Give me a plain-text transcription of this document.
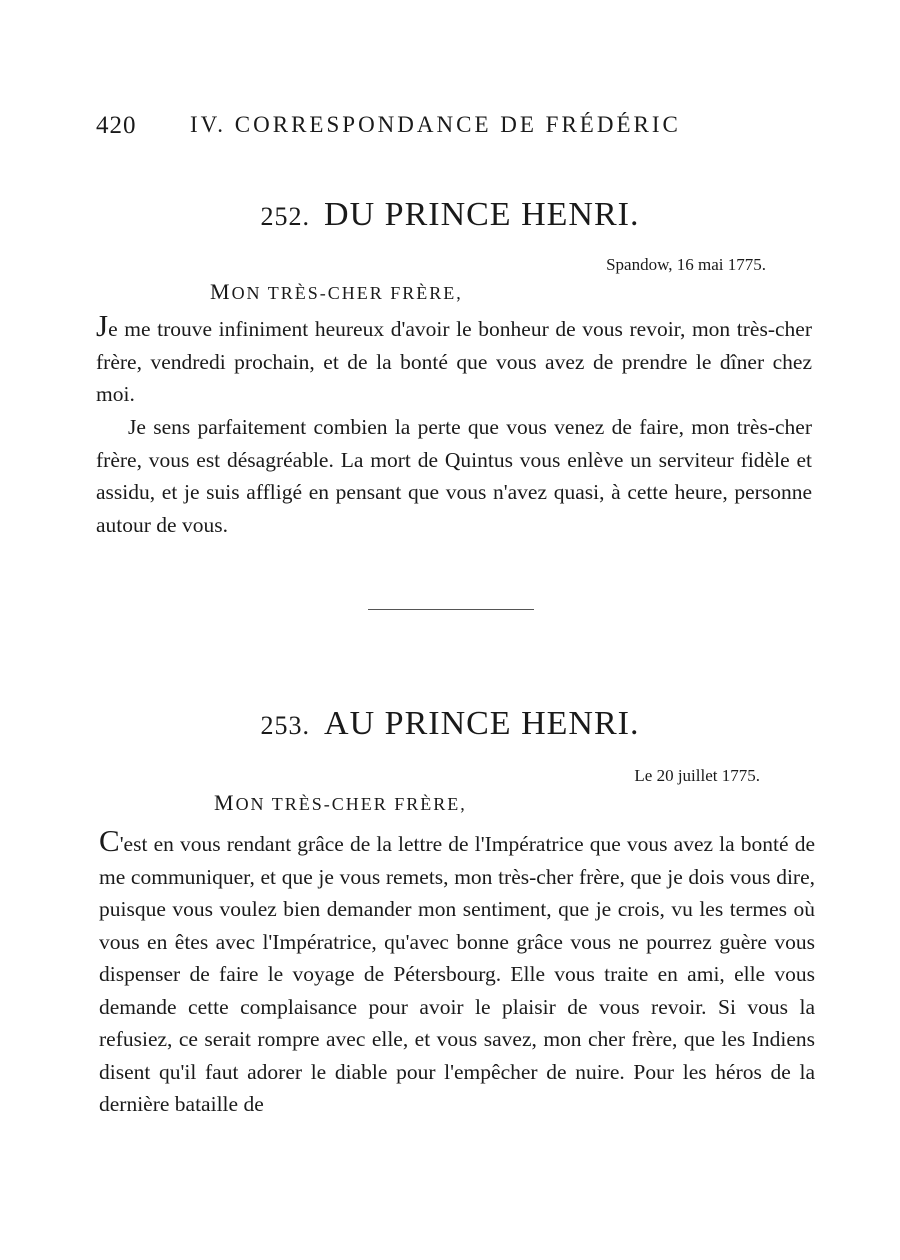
420 IV. CORRESPONDANCE DE FRÉDÉRIC
252. DU PRINCE HENRI.
Spandow, 16 mai 1775.
MON TRÈS-CHER FRÈRE,

Je me trouve infiniment heureux d'avoir le bonheur de vous revoir, mon très-cher frère, vendredi prochain, et de la bonté que vous avez de prendre le dîner chez moi.

Je sens parfaitement combien la perte que vous venez de faire, mon très-cher frère, vous est désagréable. La mort de Quintus vous enlève un serviteur fidèle et assidu, et je suis affligé en pensant que vous n'avez quasi, à cette heure, personne autour de vous.

253. AU PRINCE HENRI.
Le 20 juillet 1775.
MON TRÈS-CHER FRÈRE,

C'est en vous rendant grâce de la lettre de l'Impératrice que vous avez la bonté de me communiquer, et que je vous remets, mon très-cher frère, que je dois vous dire, puisque vous voulez bien demander mon sentiment, que je crois, vu les termes où vous en êtes avec l'Impératrice, qu'avec bonne grâce vous ne pourrez guère vous dispenser de faire le voyage de Pétersbourg. Elle vous traite en ami, elle vous demande cette complaisance pour avoir le plaisir de vous revoir. Si vous la refusiez, ce serait rompre avec elle, et vous savez, mon cher frère, que les Indiens disent qu'il faut adorer le diable pour l'empêcher de nuire. Pour les héros de la dernière bataille de
